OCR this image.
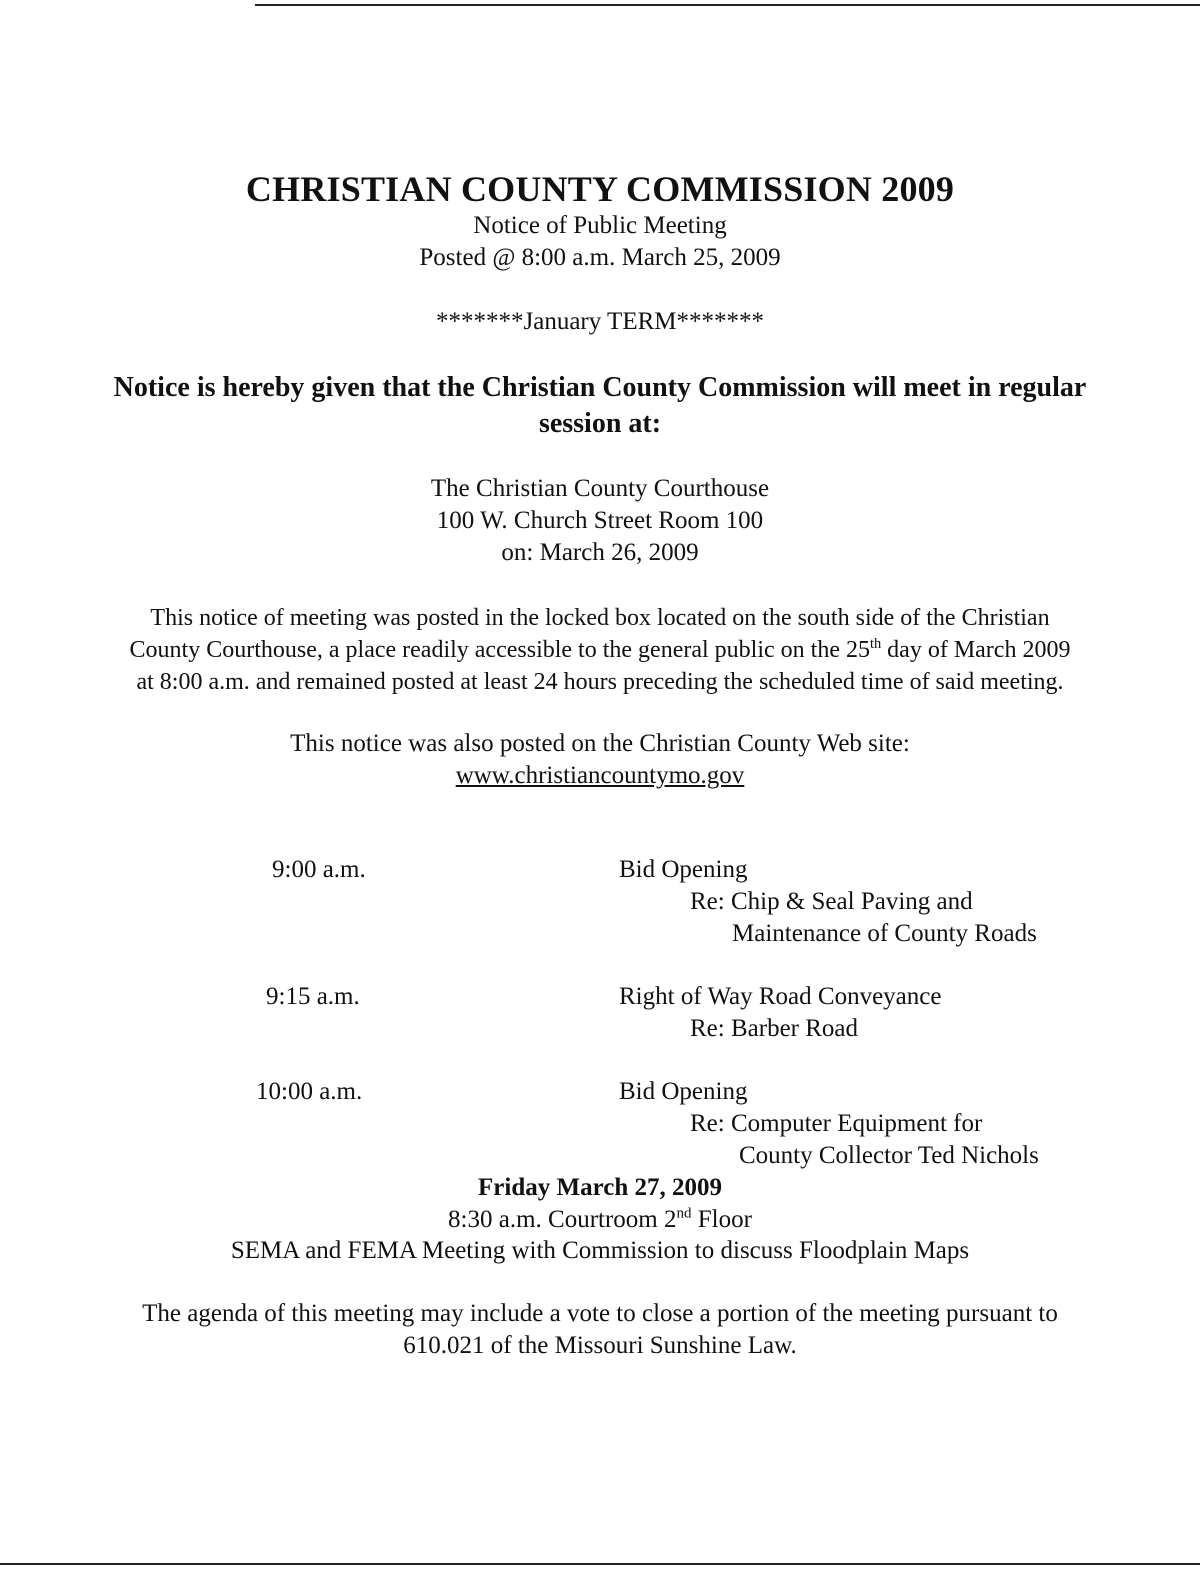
CHRISTIAN COUNTY COMMISSION 2009
Notice of Public Meeting
Posted @ 8:00 a.m. March 25, 2009
*******January TERM*******
Notice is hereby given that the Christian County Commission will meet in regular
session at:
The Christian County Courthouse
100 W. Church Street Room 100
on: March 26, 2009
This notice of meeting was posted in the locked box located on the south side of the Christian
County Courthouse, a place readily accessible to the general public on the 25th day of March 2009
at 8:00 a.m. and remained posted at least 24 hours preceding the scheduled time of said meeting.
This notice was also posted on the Christian County Web site:
www.christiancountymo.gov
9:00 a.m.	Bid Opening
Re: Chip & Seal Paving and
Maintenance of County Roads
9:15 a.m.	Right of Way Road Conveyance
Re: Barber Road
10:00 a.m.	Bid Opening
Re: Computer Equipment for
County Collector Ted Nichols
Friday March 27, 2009
8:30 a.m. Courtroom 2nd Floor
SEMA and FEMA Meeting with Commission to discuss Floodplain Maps
The agenda of this meeting may include a vote to close a portion of the meeting pursuant to
610.021 of the Missouri Sunshine Law.
